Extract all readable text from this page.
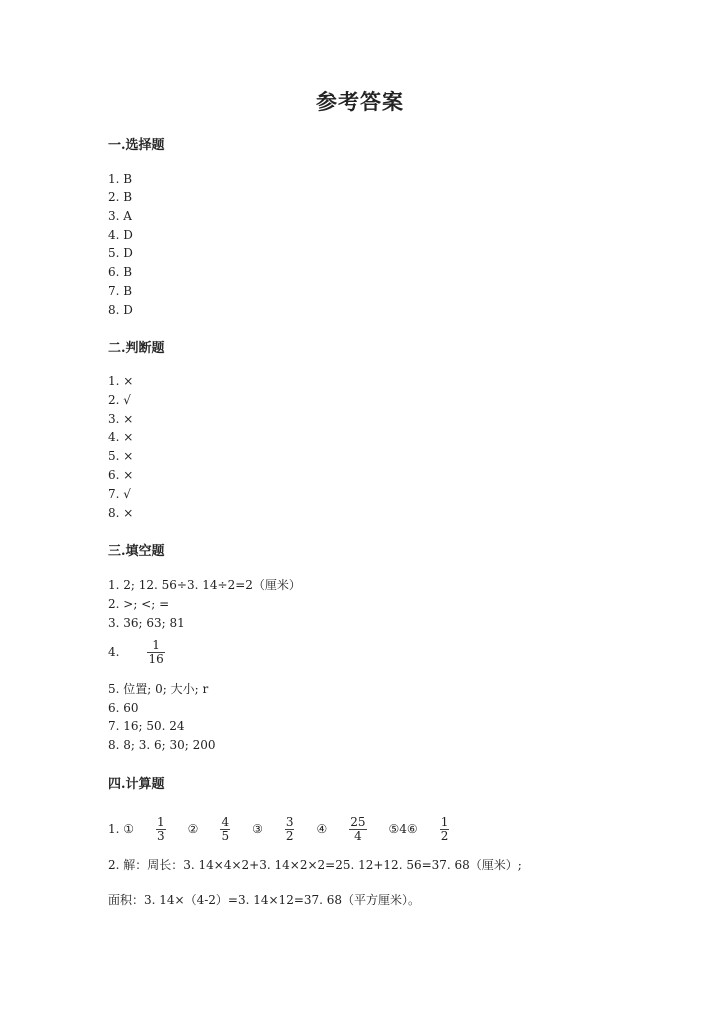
参考答案
一.选择题
1. B
2. B
3. A
4. D
5. D
6. B
7. B
8. D
二.判断题
1. ×
2. √
3. ×
4. ×
5. ×
6. ×
7. √
8. ×
三.填空题
1. 2; 12. 56÷3. 14÷2=2（厘米）
2. >; <; =
3. 36; 63; 81
4. $\frac{1}{16}$
5. 位置; 0; 大小; r
6. 60
7. 16; 50. 24
8. 8; 3. 6; 30; 200
四.计算题
1. ① $\frac{1}{3}$ ② $\frac{4}{5}$ ③ $\frac{3}{2}$ ④ $\frac{25}{4}$ ⑤4⑥ $\frac{1}{2}$
2. 解：周长：3. 14×4×2+3. 14×2×2=25. 12+12. 56=37. 68（厘米）;
面积：3. 14×（4-2）=3. 14×12=37. 68（平方厘米）。
